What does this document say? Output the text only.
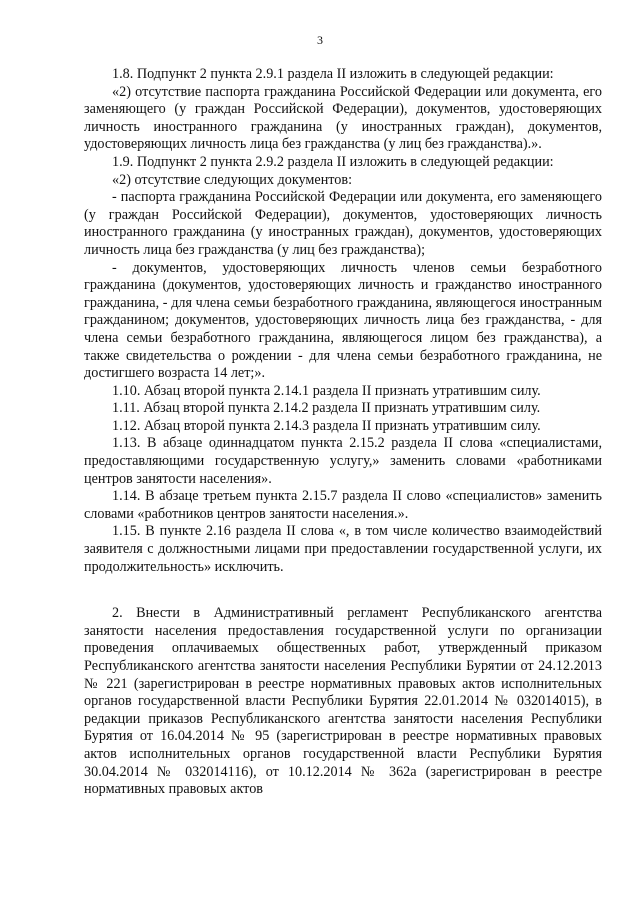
3

1.8. Подпункт 2 пункта 2.9.1 раздела II изложить в следующей редакции:

«2) отсутствие паспорта гражданина Российской Федерации или документа, его заменяющего (у граждан Российской Федерации), документов, удостоверяющих личность иностранного гражданина (у иностранных граждан), документов, удостоверяющих личность лица без гражданства (у лиц без гражданства).».

1.9. Подпункт 2 пункта 2.9.2 раздела II изложить в следующей редакции:

«2) отсутствие следующих документов:

- паспорта гражданина Российской Федерации или документа, его заменяющего (у граждан Российской Федерации), документов, удостоверяющих личность иностранного гражданина (у иностранных граждан), документов, удостоверяющих личность лица без гражданства (у лиц без гражданства);

- документов, удостоверяющих личность членов семьи безработного гражданина (документов, удостоверяющих личность и гражданство иностранного гражданина, - для члена семьи безработного гражданина, являющегося иностранным гражданином; документов, удостоверяющих личность лица без гражданства, - для члена семьи безработного гражданина, являющегося лицом без гражданства), а также свидетельства о рождении - для члена семьи безработного гражданина, не достигшего возраста 14 лет;».

1.10. Абзац второй пункта 2.14.1 раздела II признать утратившим силу.

1.11. Абзац второй пункта 2.14.2 раздела II признать утратившим силу.

1.12. Абзац второй пункта 2.14.3 раздела II признать утратившим силу.

1.13. В абзаце одиннадцатом пункта 2.15.2 раздела II слова «специалистами, предоставляющими государственную услугу,» заменить словами «работниками центров занятости населения».

1.14. В абзаце третьем пункта 2.15.7 раздела II слово «специалистов» заменить словами «работников центров занятости населения.».

1.15. В пункте 2.16 раздела II слова «, в том числе количество взаимодействий заявителя с должностными лицами при предоставлении государственной услуги, их продолжительность» исключить.

2. Внести в Административный регламент Республиканского агентства занятости населения предоставления государственной услуги по организации проведения оплачиваемых общественных работ, утвержденный приказом Республиканского агентства занятости населения Республики Бурятии от 24.12.2013 № 221 (зарегистрирован в реестре нормативных правовых актов исполнительных органов государственной власти Республики Бурятия 22.01.2014 № 032014015), в редакции приказов Республиканского агентства занятости населения Республики Бурятия от 16.04.2014 № 95 (зарегистрирован в реестре нормативных правовых актов исполнительных органов государственной власти Республики Бурятия 30.04.2014 № 032014116), от 10.12.2014 № 362а (зарегистрирован в реестре нормативных правовых актов
